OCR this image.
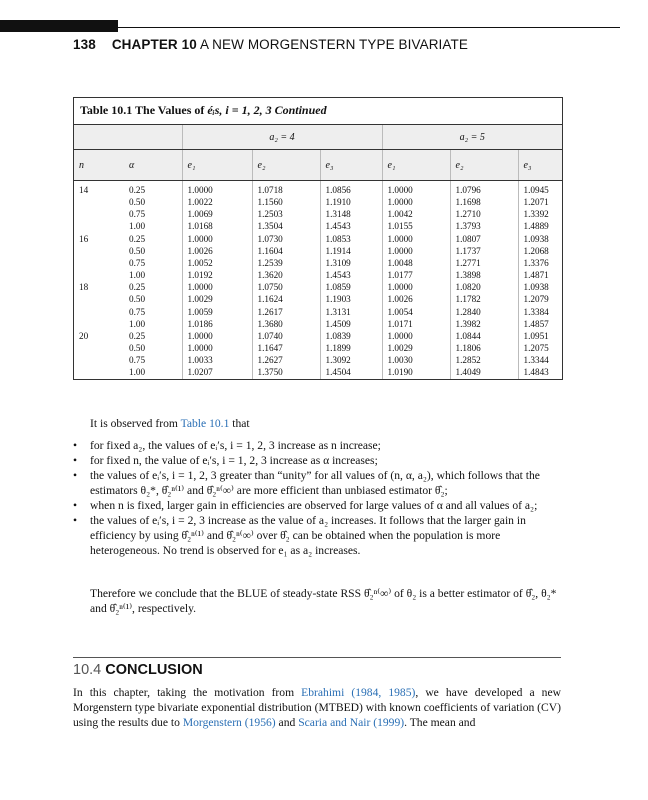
138 CHAPTER 10 A NEW MORGENSTERN TYPE BIVARIATE
Table 10.1 The Values of éᵢs, i = 1, 2, 3 Continued
		a₂ = 4			a₂ = 5		
n	α	e₁	e₂	e₃	e₁	e₂	e₃
14	0.25	1.0000	1.0718	1.0856	1.0000	1.0796	1.0945
	0.50	1.0022	1.1560	1.1910	1.0000	1.1698	1.2071
	0.75	1.0069	1.2503	1.3148	1.0042	1.2710	1.3392
	1.00	1.0168	1.3504	1.4543	1.0155	1.3793	1.4889
16	0.25	1.0000	1.0730	1.0853	1.0000	1.0807	1.0938
	0.50	1.0026	1.1604	1.1914	1.0000	1.1737	1.2068
	0.75	1.0052	1.2539	1.3109	1.0048	1.2771	1.3376
	1.00	1.0192	1.3620	1.4543	1.0177	1.3898	1.4871
18	0.25	1.0000	1.0750	1.0859	1.0000	1.0820	1.0938
	0.50	1.0029	1.1624	1.1903	1.0026	1.1782	1.2079
	0.75	1.0059	1.2617	1.3131	1.0054	1.2840	1.3384
	1.00	1.0186	1.3680	1.4509	1.0171	1.3982	1.4857
20	0.25	1.0000	1.0740	1.0839	1.0000	1.0844	1.0951
	0.50	1.0000	1.1647	1.1899	1.0029	1.1806	1.2075
	0.75	1.0033	1.2627	1.3092	1.0030	1.2852	1.3344
	1.00	1.0207	1.3750	1.4504	1.0190	1.4049	1.4843
It is observed from Table 10.1 that
• for fixed a₂, the values of eᵢ′s, i = 1, 2, 3 increase as n increase;
• for fixed n, the value of eᵢ′s, i = 1, 2, 3 increase as α increases;
• the values of eᵢ′s, i = 1, 2, 3 greater than “unity” for all values of (n, α, a₂), which follows that the estimators θ₂*, θ̂₂ⁿ⁽¹⁾ and θ̂₂ⁿ⁽∞⁾ are more efficient than unbiased estimator θ̂₂;
• when n is fixed, larger gain in efficiencies are observed for large values of α and all values of a₂;
• the values of eᵢ′s, i = 2, 3 increase as the value of a₂ increases. It follows that the larger gain in efficiency by using θ̂₂ⁿ⁽¹⁾ and θ̂₂ⁿ⁽∞⁾ over θ̂₂ can be obtained when the population is more heterogeneous. No trend is observed for e₁ as a₂ increases.
Therefore we conclude that the BLUE of steady-state RSS θ̂₂ⁿ⁽∞⁾ of θ₂ is a better estimator of θ̂₂, θ₂* and θ̂₂ⁿ⁽¹⁾, respectively.
10.4 CONCLUSION
In this chapter, taking the motivation from Ebrahimi (1984, 1985), we have developed a new Morgenstern type bivariate exponential distribution (MTBED) with known coefficients of variation (CV) using the results due to Morgenstern (1956) and Scaria and Nair (1999). The mean and
